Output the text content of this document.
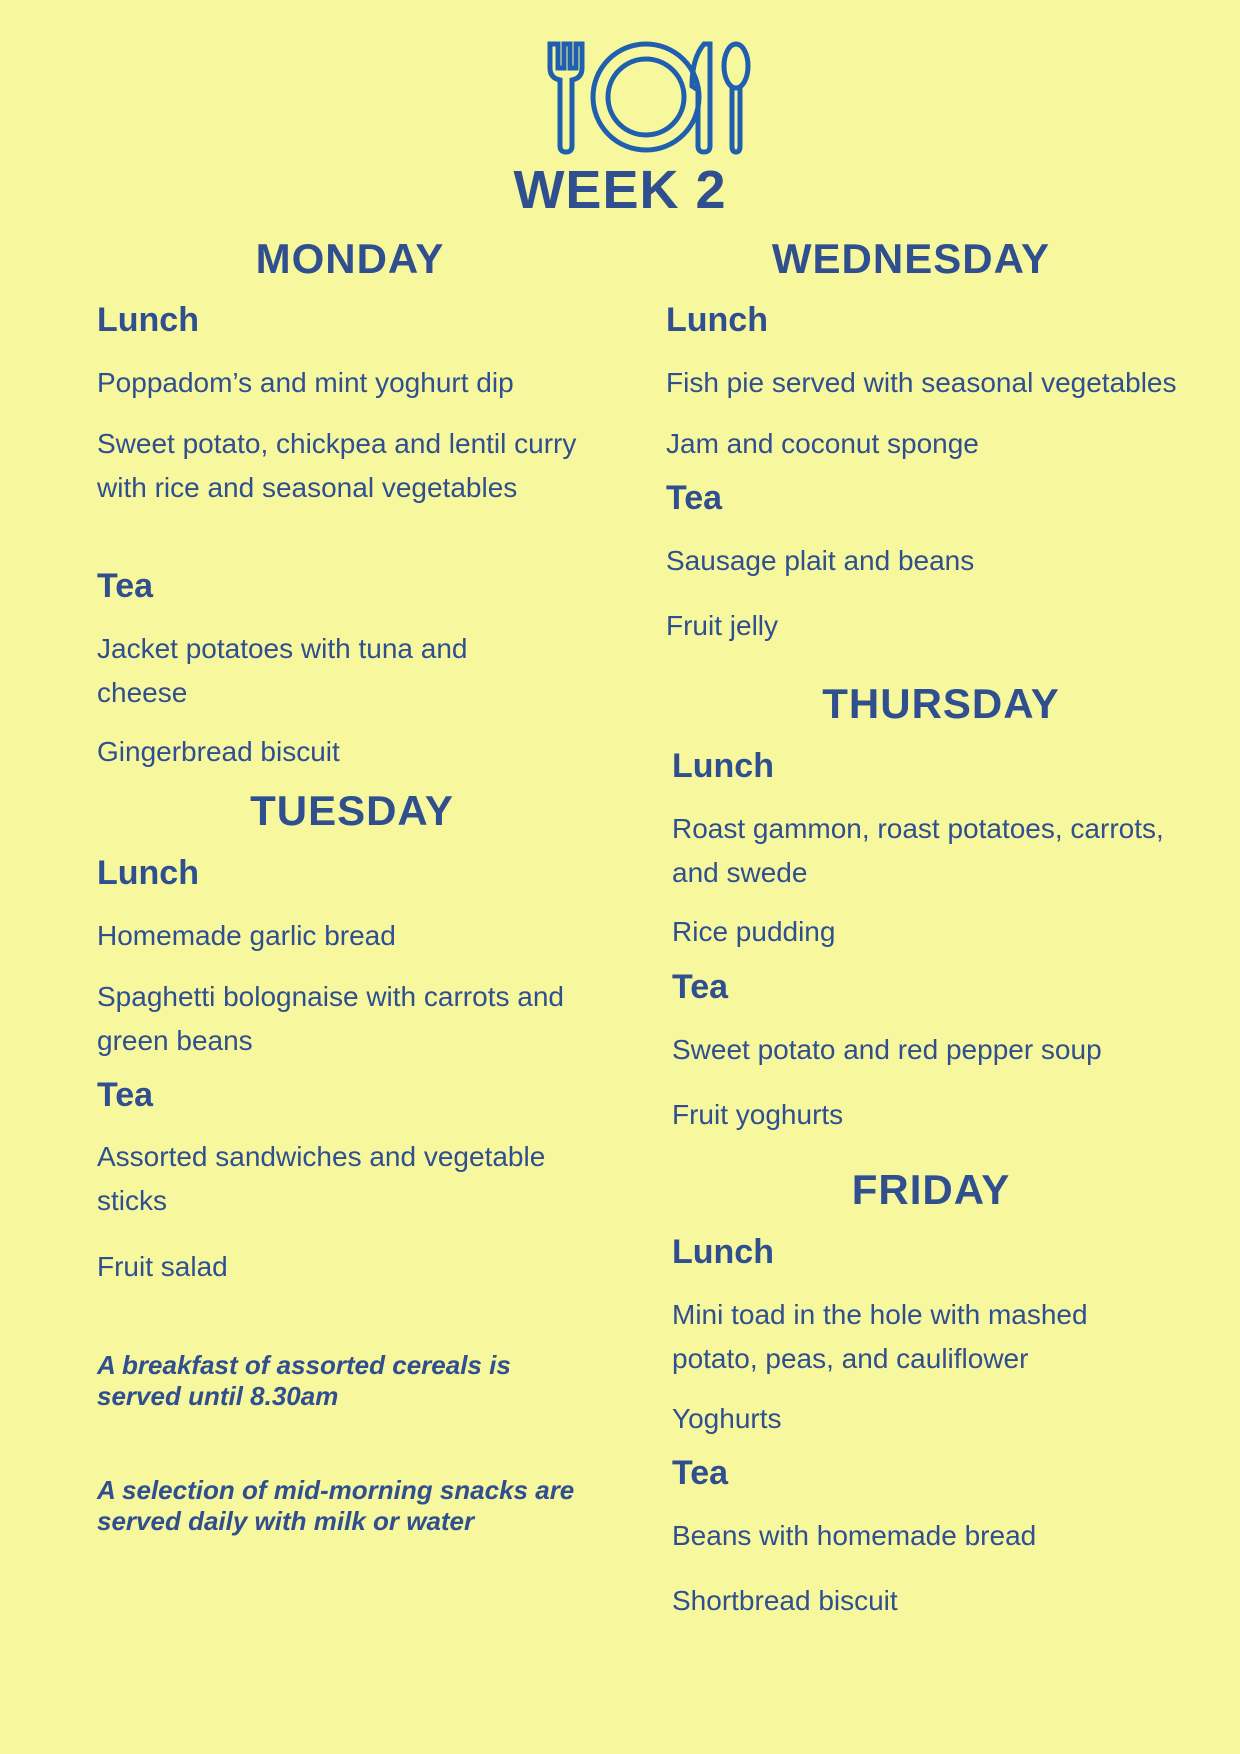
WEEK 2
MONDAY
Lunch
Poppadom’s and mint yoghurt dip
Sweet potato, chickpea and lentil curry with rice and seasonal vegetables
Tea
Jacket potatoes with tuna and cheese
Gingerbread biscuit
TUESDAY
Lunch
Homemade garlic bread
Spaghetti bolognaise with carrots and green beans
Tea
Assorted sandwiches and vegetable sticks
Fruit salad
A breakfast of assorted cereals is served until 8.30am
A selection of mid-morning snacks are served daily with milk or water
WEDNESDAY
Lunch
Fish pie served with seasonal vegetables
Jam and coconut sponge
Tea
Sausage plait and beans
Fruit jelly
THURSDAY
Lunch
Roast gammon, roast potatoes, carrots, and swede
Rice pudding
Tea
Sweet potato and red pepper soup
Fruit yoghurts
FRIDAY
Lunch
Mini toad in the hole with mashed potato, peas, and cauliflower
Yoghurts
Tea
Beans with homemade bread
Shortbread biscuit
